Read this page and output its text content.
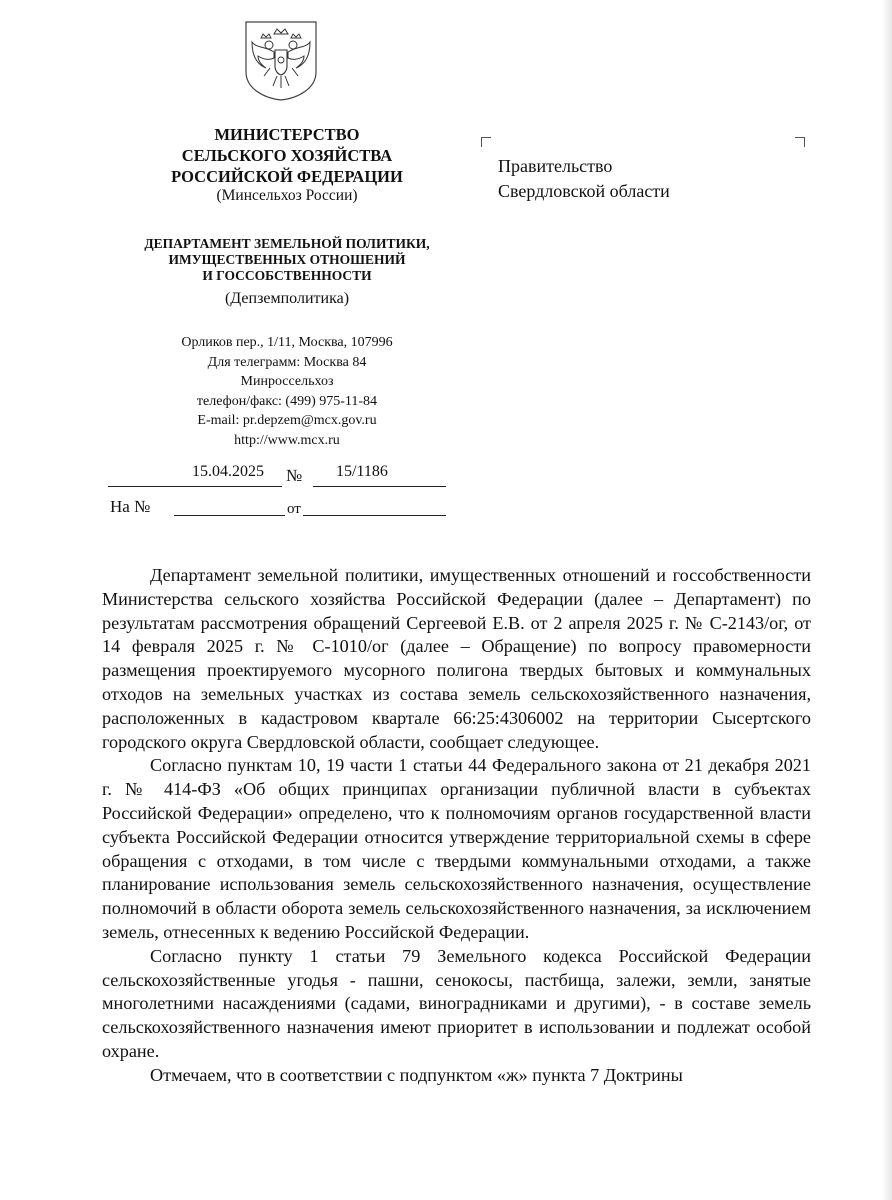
МИНИСТЕРСТВО
СЕЛЬСКОГО ХОЗЯЙСТВА
РОССИЙСКОЙ ФЕДЕРАЦИИ
(Минсельхоз России)
ДЕПАРТАМЕНТ ЗЕМЕЛЬНОЙ ПОЛИТИКИ,
ИМУЩЕСТВЕННЫХ ОТНОШЕНИЙ
И ГОССОБСТВЕННОСТИ
(Депземполитика)
Орликов пер., 1/11, Москва, 107996
Для телеграмм: Москва 84
Минроссельхоз
телефон/факс: (499) 975-11-84
E-mail: pr.depzem@mcx.gov.ru
http://www.mcx.ru
15.04.2025 № 15/1186
На №	от
Правительство
Свердловской области

Департамент земельной политики, имущественных отношений и госсобственности Министерства сельского хозяйства Российской Федерации (далее – Департамент) по результатам рассмотрения обращений Сергеевой Е.В. от 2 апреля 2025 г. № С-2143/ог, от 14 февраля 2025 г. № С-1010/ог (далее – Обращение) по вопросу правомерности размещения проектируемого мусорного полигона твердых бытовых и коммунальных отходов на земельных участках из состава земель сельскохозяйственного назначения, расположенных в кадастровом квартале 66:25:4306002 на территории Сысертского городского округа Свердловской области, сообщает следующее.

Согласно пунктам 10, 19 части 1 статьи 44 Федерального закона от 21 декабря 2021 г. № 414-ФЗ «Об общих принципах организации публичной власти в субъектах Российской Федерации» определено, что к полномочиям органов государственной власти субъекта Российской Федерации относится утверждение территориальной схемы в сфере обращения с отходами, в том числе с твердыми коммунальными отходами, а также планирование использования земель сельскохозяйственного назначения, осуществление полномочий в области оборота земель сельскохозяйственного назначения, за исключением земель, отнесенных к ведению Российской Федерации.

Согласно пункту 1 статьи 79 Земельного кодекса Российской Федерации сельскохозяйственные угодья - пашни, сенокосы, пастбища, залежи, земли, занятые многолетними насаждениями (садами, виноградниками и другими), - в составе земель сельскохозяйственного назначения имеют приоритет в использовании и подлежат особой охране.

Отмечаем, что в соответствии с подпунктом «ж» пункта 7 Доктрины
